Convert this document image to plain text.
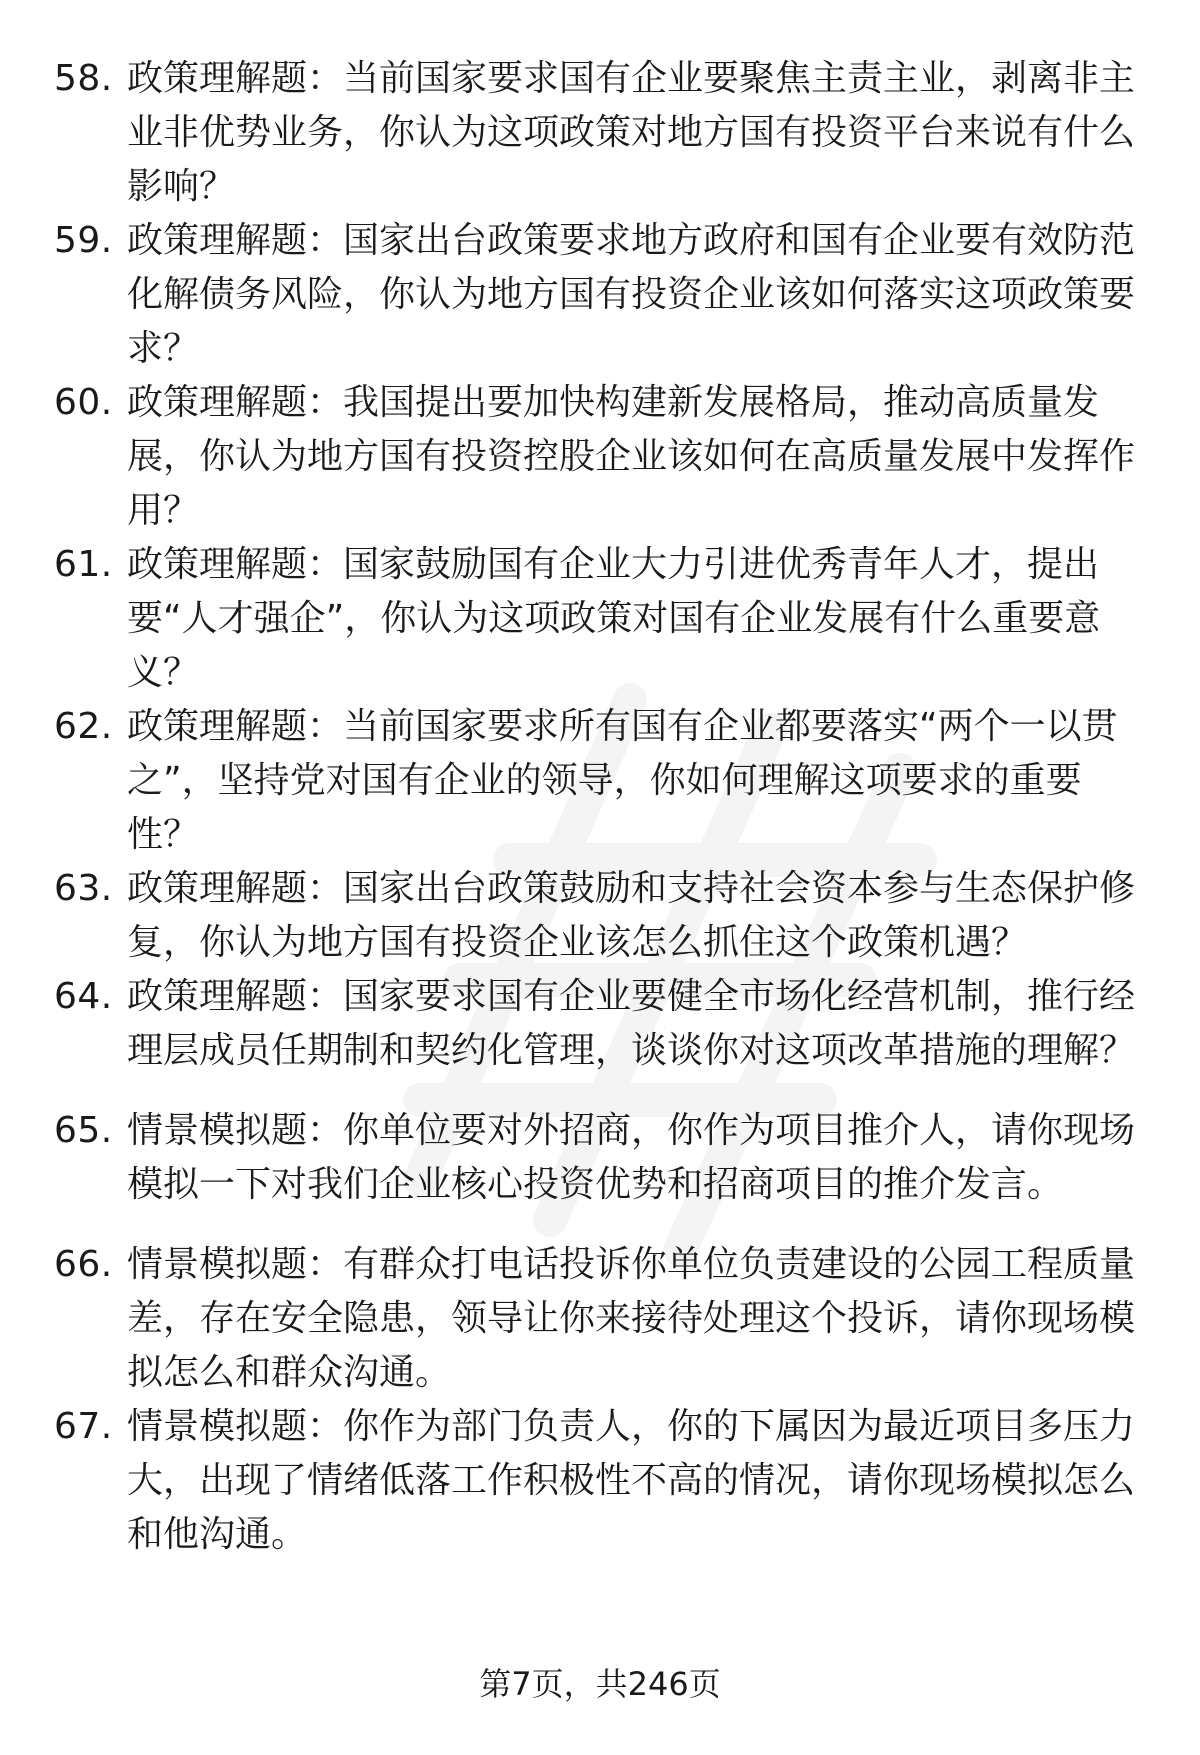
58. 政策理解题：当前国家要求国有企业要聚焦主责主业，剥离非主
业非优势业务，你认为这项政策对地方国有投资平台来说有什么
影响？
59. 政策理解题：国家出台政策要求地方政府和国有企业要有效防范
化解债务风险，你认为地方国有投资企业该如何落实这项政策要
求？
60. 政策理解题：我国提出要加快构建新发展格局，推动高质量发
展，你认为地方国有投资控股企业该如何在高质量发展中发挥作
用？
61. 政策理解题：国家鼓励国有企业大力引进优秀青年人才，提出
要“人才强企”，你认为这项政策对国有企业发展有什么重要意
义？
62. 政策理解题：当前国家要求所有国有企业都要落实“两个一以贯
之”，坚持党对国有企业的领导，你如何理解这项要求的重要
性？
63. 政策理解题：国家出台政策鼓励和支持社会资本参与生态保护修
复，你认为地方国有投资企业该怎么抓住这个政策机遇？
64. 政策理解题：国家要求国有企业要健全市场化经营机制，推行经
理层成员任期制和契约化管理，谈谈你对这项改革措施的理解？
65. 情景模拟题：你单位要对外招商，你作为项目推介人，请你现场
模拟一下对我们企业核心投资优势和招商项目的推介发言。
66. 情景模拟题：有群众打电话投诉你单位负责建设的公园工程质量
差，存在安全隐患，领导让你来接待处理这个投诉，请你现场模
拟怎么和群众沟通。
67. 情景模拟题：你作为部门负责人，你的下属因为最近项目多压力
大，出现了情绪低落工作积极性不高的情况，请你现场模拟怎么
和他沟通。
第7页，共246页
